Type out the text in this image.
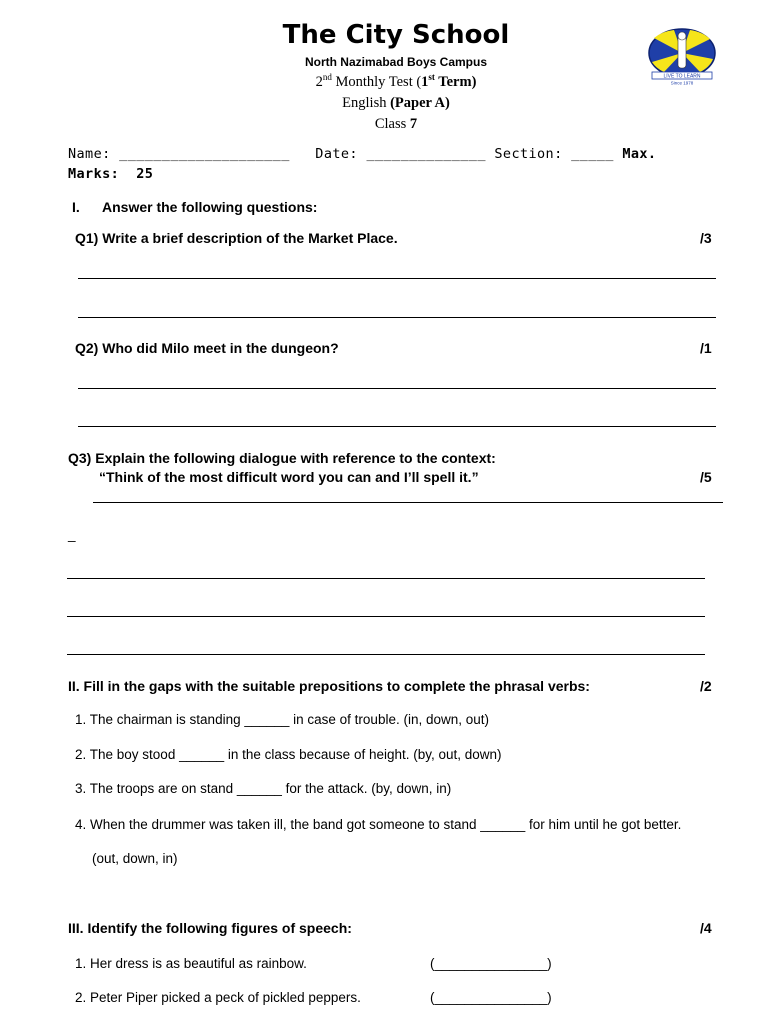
The City School
North Nazimabad Boys Campus
2nd Monthly Test (1st Term)
English (Paper A)
Class 7
LIVE TO LEARN
Since 1978
Name: ____________________   Date: ______________ Section: _____ Max.
Marks:  25
I. Answer the following questions:
Q1) Write a brief description of the Market Place.	/3
Q2) Who did Milo meet in the dungeon?	/1
Q3) Explain the following dialogue with reference to the context:
“Think of the most difficult word you can and I’ll spell it.”	/5
_
II. Fill in the gaps with the suitable prepositions to complete the phrasal verbs:	/2
1. The chairman is standing ______ in case of trouble. (in, down, out)
2. The boy stood ______ in the class because of height. (by, out, down)
3. The troops are on stand ______ for the attack. (by, down, in)
4. When the drummer was taken ill, the band got someone to stand ______ for him until he got better.
(out, down, in)
III. Identify the following figures of speech:	/4
1. Her dress is as beautiful as rainbow.	(_______________)
2. Peter Piper picked a peck of pickled peppers.	(_______________)
